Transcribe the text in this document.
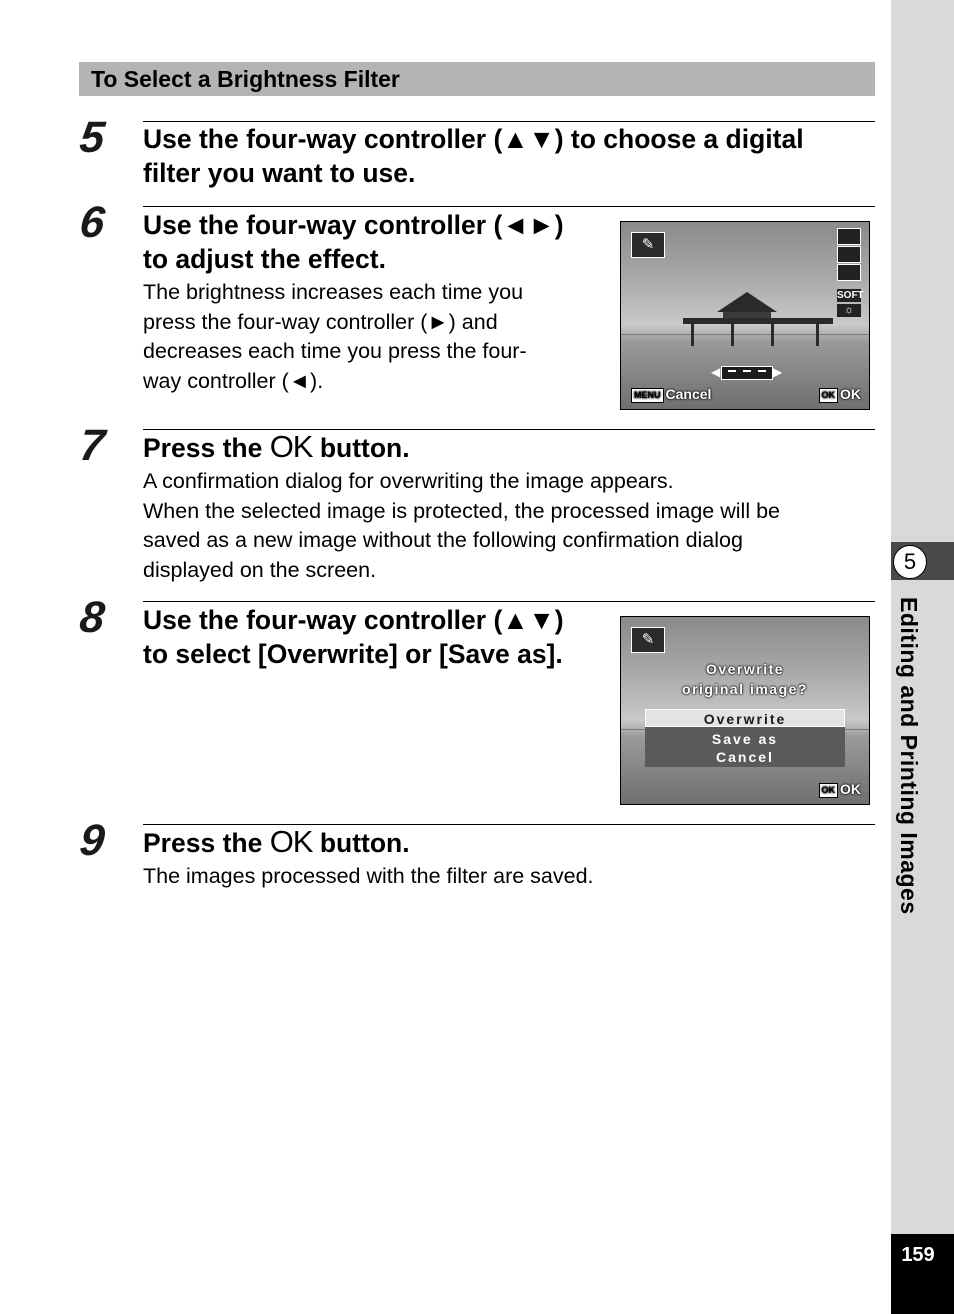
To Select a Brightness Filter
5 Use the four-way controller (▲▼) to choose a digital
filter you want to use.

6 Use the four-way controller (◄►)
to adjust the effect.

The brightness increases each time you
press the four-way controller (►) and
decreases each time you press the four-
way controller (◄).

✎
SOFT
☼
◀	▶
MENU Cancel	OK OK
7 Press the OK button.

A confirmation dialog for overwriting the image appears.
When the selected image is protected, the processed image will be
saved as a new image without the following confirmation dialog
displayed on the screen.

8 Use the four-way controller (▲▼)
to select [Overwrite] or [Save as].	✎
Overwrite
original image?
Overwrite
Save as
Cancel
OK OK
9 Press the OK button.

The images processed with the filter are saved.

5
Editing and Printing Images
159
